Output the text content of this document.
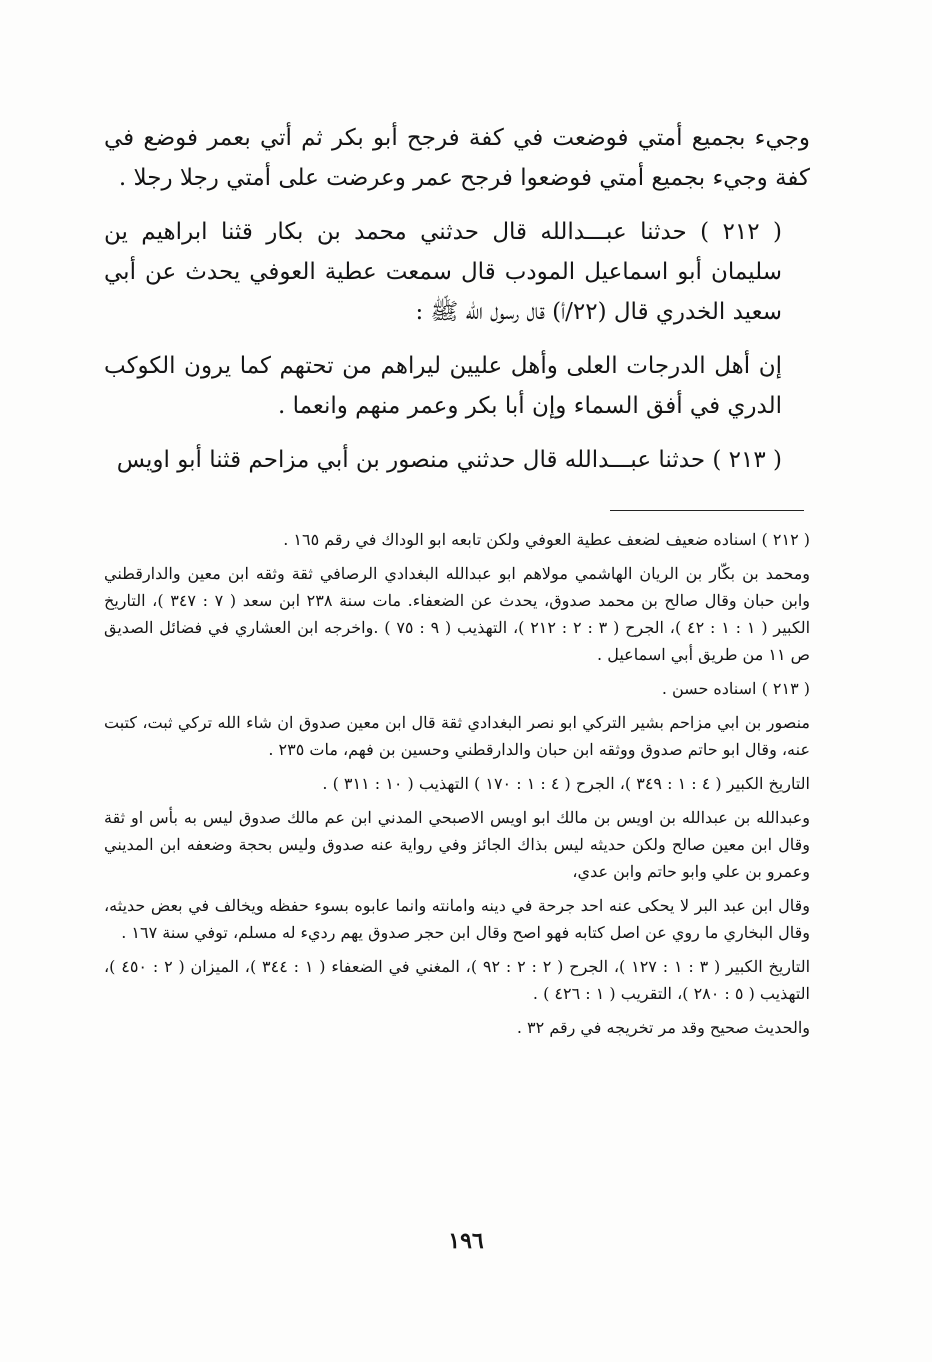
وجيء بجميع أمتي فوضعت في كفة فرجح أبو بكر ثم أتي بعمر فوضع في كفة وجيء بجميع أمتي فوضعوا فرجح عمر وعرضت على أمتي رجلا رجلا .

( ٢١٢ ) حدثنا عبـــدالله قال حدثني محمد بن بكار قثنا ابراهيم ين سليمان أبو اسماعيل المودب قال سمعت عطية العوفي يحدث عن أبي سعيد الخدري قال (٢٢/أ) قال رسول الله ﷺ :

إن أهل الدرجات العلى وأهل عليين ليراهم من تحتهم كما يرون الكوكب الدري في أفق السماء وإن أبا بكر وعمر منهم وانعما .

( ٢١٣ ) حدثنا عبـــدالله قال حدثني منصور بن أبي مزاحم قثنا أبو اويس

( ٢١٢ ) اسناده ضعيف لضعف عطية العوفي ولكن تابعه ابو الوداك في رقم ١٦٥ .

ومحمد بن بكّار بن الريان الهاشمي مولاهم ابو عبدالله البغدادي الرصافي ثقة وثقه ابن معين والدارقطني وابن حبان وقال صالح بن محمد صدوق، يحدث عن الضعفاء. مات سنة ٢٣٨ ابن سعد ( ٧ : ٣٤٧ )، التاريخ الكبير ( ١ : ١ : ٤٢ )، الجرح ( ٣ : ٢ : ٢١٢ )، التهذيب ( ٩ : ٧٥ ) .واخرجه ابن العشاري في فضائل الصديق ص ١١ من طريق أبي اسماعيل .

( ٢١٣ ) اسناده حسن .

منصور بن ابي مزاحم بشير التركي ابو نصر البغدادي ثقة قال ابن معين صدوق ان شاء الله تركي ثبت، كتبت عنه، وقال ابو حاتم صدوق ووثقه ابن حبان والدارقطني وحسين بن فهم، مات ٢٣٥ .

التاريخ الكبير ( ٤ : ١ : ٣٤٩ )، الجرح ( ٤ : ١ : ١٧٠ ) التهذيب ( ١٠ : ٣١١ ) .

وعبدالله بن عبدالله بن اويس بن مالك ابو اويس الاصبحي المدني ابن عم مالك صدوق ليس به بأس او ثقة وقال ابن معين صالح ولكن حديثه ليس بذاك الجائز وفي رواية عنه صدوق وليس بحجة وضعفه ابن المديني وعمرو بن علي وابو حاتم وابن عدي،

وقال ابن عبد البر لا يحكى عنه احد جرحة في دينه وامانته وانما عابوه بسوء حفظه ويخالف في بعض حديثه، وقال البخاري ما روي عن اصل كتابه فهو اصح وقال ابن حجر صدوق يهم رديء له مسلم، توفي سنة ١٦٧ .

التاريخ الكبير ( ٣ : ١ : ١٢٧ )، الجرح ( ٢ : ٢ : ٩٢ )، المغني في الضعفاء ( ١ : ٣٤٤ )، الميزان ( ٢ : ٤٥٠ )، التهذيب ( ٥ : ٢٨٠ )، التقريب ( ١ : ٤٢٦ ) .

والحديث صحيح وقد مر تخريجه في رقم ٣٢ .

١٩٦
